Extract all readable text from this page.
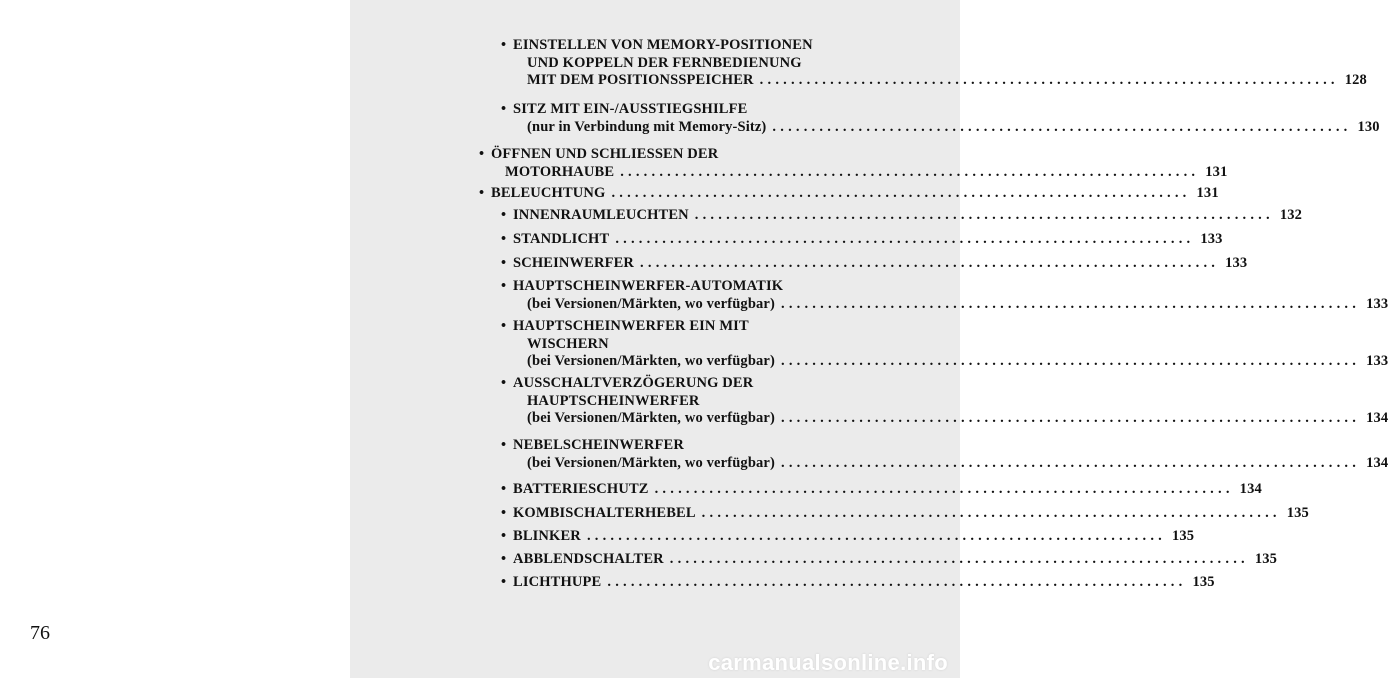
76
• EINSTELLEN VON MEMORY-POSITIONEN
UND KOPPELN DER FERNBEDIENUNG
MIT DEM POSITIONSSPEICHER .......................................................................... 128
• SITZ MIT EIN-/AUSSTIEGSHILFE
(nur in Verbindung mit Memory-Sitz) .......................................................................... 130
• ÖFFNEN UND SCHLIESSEN DER
MOTORHAUBE .......................................................................... 131
• BELEUCHTUNG .......................................................................... 131
• INNENRAUMLEUCHTEN .......................................................................... 132
• STANDLICHT .......................................................................... 133
• SCHEINWERFER .......................................................................... 133
• HAUPTSCHEINWERFER-AUTOMATIK
(bei Versionen/Märkten, wo verfügbar) .......................................................................... 133
• HAUPTSCHEINWERFER EIN MIT
WISCHERN
(bei Versionen/Märkten, wo verfügbar) .......................................................................... 133
• AUSSCHALTVERZÖGERUNG DER
HAUPTSCHEINWERFER
(bei Versionen/Märkten, wo verfügbar) .......................................................................... 134
• NEBELSCHEINWERFER
(bei Versionen/Märkten, wo verfügbar) .......................................................................... 134
• BATTERIESCHUTZ .......................................................................... 134
• KOMBISCHALTERHEBEL .......................................................................... 135
• BLINKER .......................................................................... 135
• ABBLENDSCHALTER .......................................................................... 135
• LICHTHUPE .......................................................................... 135
carmanualsonline.info
